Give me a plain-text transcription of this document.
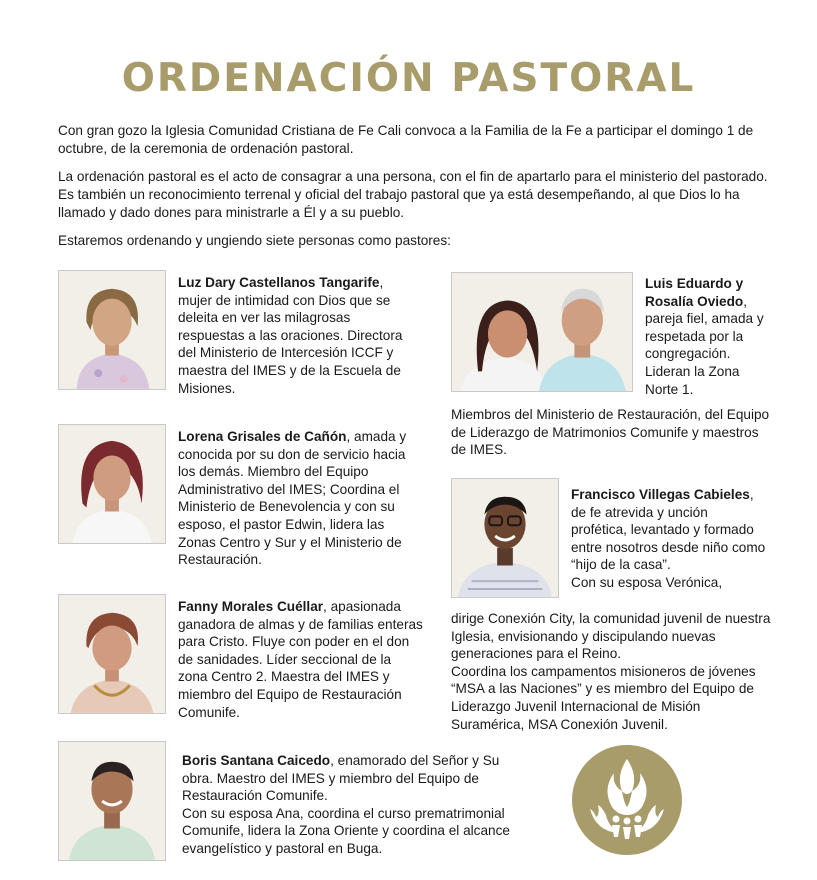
ORDENACIÓN PASTORAL

Con gran gozo la Iglesia Comunidad Cristiana de Fe Cali convoca a la Familia de la Fe a participar el domingo 1 de octubre, de la ceremonia de ordenación pastoral.

La ordenación pastoral es el acto de consagrar a una persona, con el fin de apartarlo para el ministerio del pastorado. Es también un reconocimiento terrenal y oficial del trabajo pastoral que ya está desempeñando, al que Dios lo ha llamado y dado dones para ministrarle a Él y a su pueblo.

Estaremos ordenando y ungiendo siete personas como pastores:

Luz Dary Castellanos Tangarife, mujer de intimidad con Dios que se deleita en ver las milagrosas respuestas a las oraciones. Directora del Ministerio de Intercesión ICCF y maestra del IMES y de la Escuela de Misiones.
Lorena Grisales de Cañón, amada y conocida por su don de servicio hacia los demás. Miembro del Equipo Administrativo del IMES; Coordina el Ministerio de Benevolencia y con su esposo, el pastor Edwin, lidera las Zonas Centro y Sur y el Ministerio de Restauración.
Fanny Morales Cuéllar, apasionada ganadora de almas y de familias enteras para Cristo. Fluye con poder en el don de sanidades. Líder seccional de la zona Centro 2. Maestra del IMES y miembro del Equipo de Restauración Comunife.
Boris Santana Caicedo, enamorado del Señor y Su obra. Maestro del IMES y miembro del Equipo de Restauración Comunife.
Con su esposa Ana, coordina el curso prematrimonial Comunife, lidera la Zona Oriente y coordina el alcance evangelístico y pastoral en Buga.
Luis Eduardo y Rosalía Oviedo, pareja fiel, amada y respetada por la congregación. Lideran la Zona Norte 1.
Miembros del Ministerio de Restauración, del Equipo de Liderazgo de Matrimonios Comunife y maestros de IMES.
Francisco Villegas Cabieles, de fe atrevida y unción profética, levantado y formado entre nosotros desde niño como “hijo de la casa”.
Con su esposa Verónica,
dirige Conexión City, la comunidad juvenil de nuestra Iglesia, envisionando y discipulando nuevas generaciones para el Reino.
Coordina los campamentos misioneros de jóvenes “MSA a las Naciones” y es miembro del Equipo de Liderazgo Juvenil Internacional de Misión Suramérica, MSA Conexión Juvenil.
